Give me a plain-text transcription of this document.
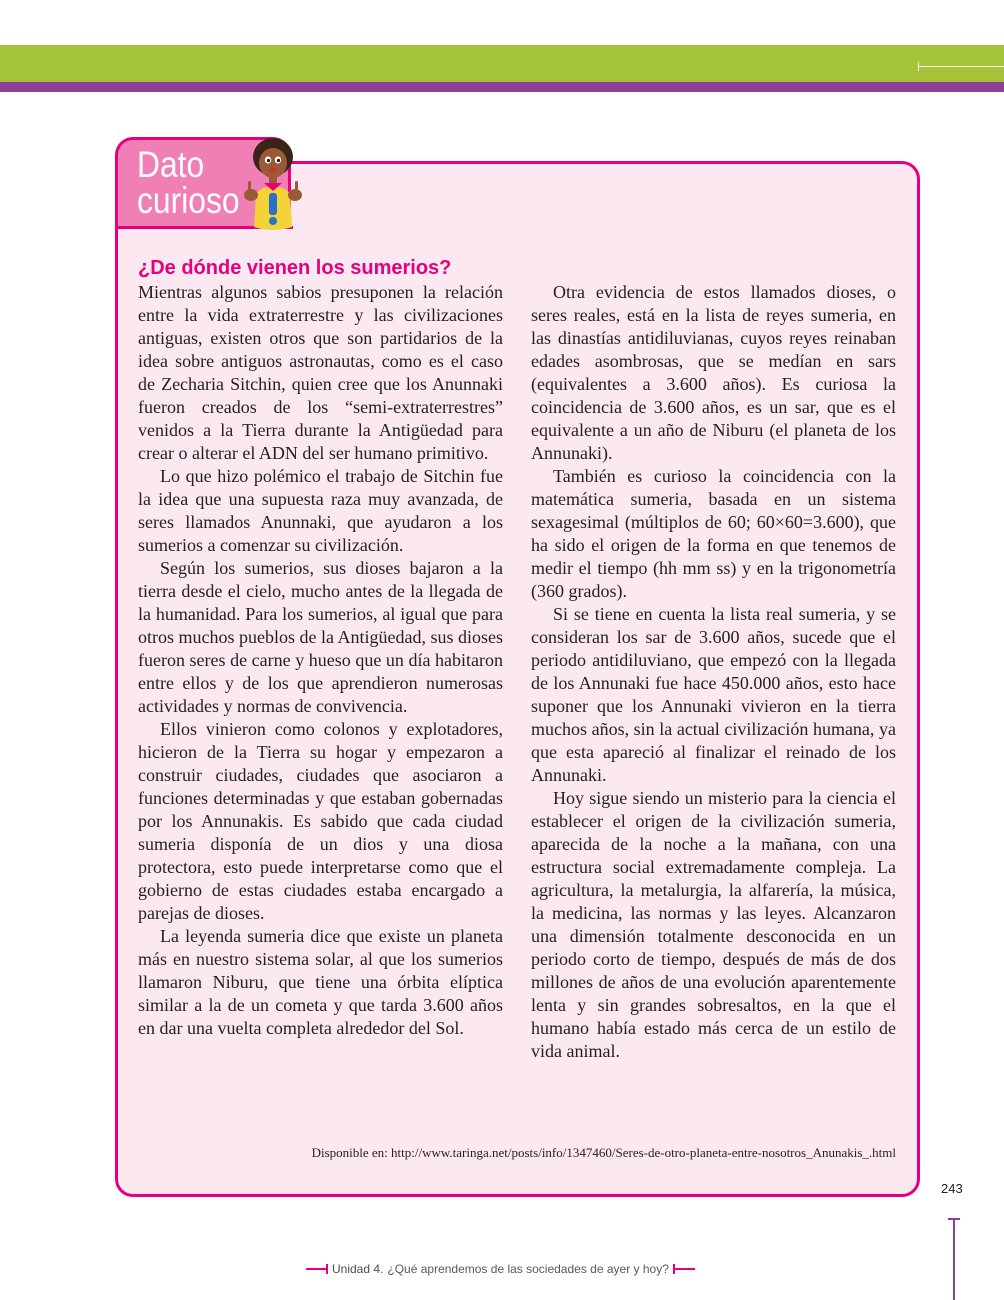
Dato
curioso
¿De dónde vienen los sumerios?

Mientras algunos sabios presuponen la relación entre la vida extraterrestre y las civilizaciones antiguas, existen otros que son partidarios de la idea sobre antiguos astronautas, como es el caso de Zecharia Sitchin, quien cree que los Anunnaki fueron creados de los “semi-extraterrestres” venidos a la Tierra durante la Antigüedad para crear o alterar el ADN del ser humano primitivo.

Lo que hizo polémico el trabajo de Sitchin fue la idea que una supuesta raza muy avanzada, de seres llamados Anunnaki, que ayudaron a los sumerios a comenzar su civilización.

Según los sumerios, sus dioses bajaron a la tierra desde el cielo, mucho antes de la llegada de la humanidad. Para los sumerios, al igual que para otros muchos pueblos de la Antigüedad, sus dioses fueron seres de carne y hueso que un día habitaron entre ellos y de los que aprendieron numerosas actividades y normas de convivencia.

Ellos vinieron como colonos y explotadores, hicieron de la Tierra su hogar y empezaron a construir ciudades, ciudades que asociaron a funciones determinadas y que estaban gobernadas por los Annunakis. Es sabido que cada ciudad sumeria disponía de un dios y una diosa protectora, esto puede interpretarse como que el gobierno de estas ciudades estaba encargado a parejas de dioses.

La leyenda sumeria dice que existe un planeta más en nuestro sistema solar, al que los sumerios llamaron Niburu, que tiene una órbita elíptica similar a la de un cometa y que tarda 3.600 años en dar una vuelta completa alrededor del Sol.

Otra evidencia de estos llamados dioses, o seres reales, está en la lista de reyes sumeria, en las dinastías antidiluvianas, cuyos reyes reinaban edades asombrosas, que se medían en sars (equivalentes a 3.600 años). Es curiosa la coincidencia de 3.600 años, es un sar, que es el equivalente a un año de Niburu (el planeta de los Annunaki).

También es curioso la coincidencia con la matemática sumeria, basada en un sistema sexagesimal (múltiplos de 60; 60×60=3.600), que ha sido el origen de la forma en que tenemos de medir el tiempo (hh mm ss) y en la trigonometría (360 grados).

Si se tiene en cuenta la lista real sumeria, y se consideran los sar de 3.600 años, sucede que el periodo antidiluviano, que empezó con la llegada de los Annunaki fue hace 450.000 años, esto hace suponer que los Annunaki vivieron en la tierra muchos años, sin la actual civilización humana, ya que esta apareció al finalizar el reinado de los Annunaki.

Hoy sigue siendo un misterio para la ciencia el establecer el origen de la civilización sumeria, aparecida de la noche a la mañana, con una estructura social extremadamente compleja. La agricultura, la metalurgia, la alfarería, la música, la medicina, las normas y las leyes. Alcanzaron una dimensión totalmente desconocida en un periodo corto de tiempo, después de más de dos millones de años de una evolución aparentemente lenta y sin grandes sobresaltos, en la que el humano había estado más cerca de un estilo de vida animal.

Disponible en: http://www.taringa.net/posts/info/1347460/Seres-de-otro-planeta-entre-nosotros_Anunakis_.html

243
Unidad 4. ¿Qué aprendemos de las sociedades de ayer y hoy?
